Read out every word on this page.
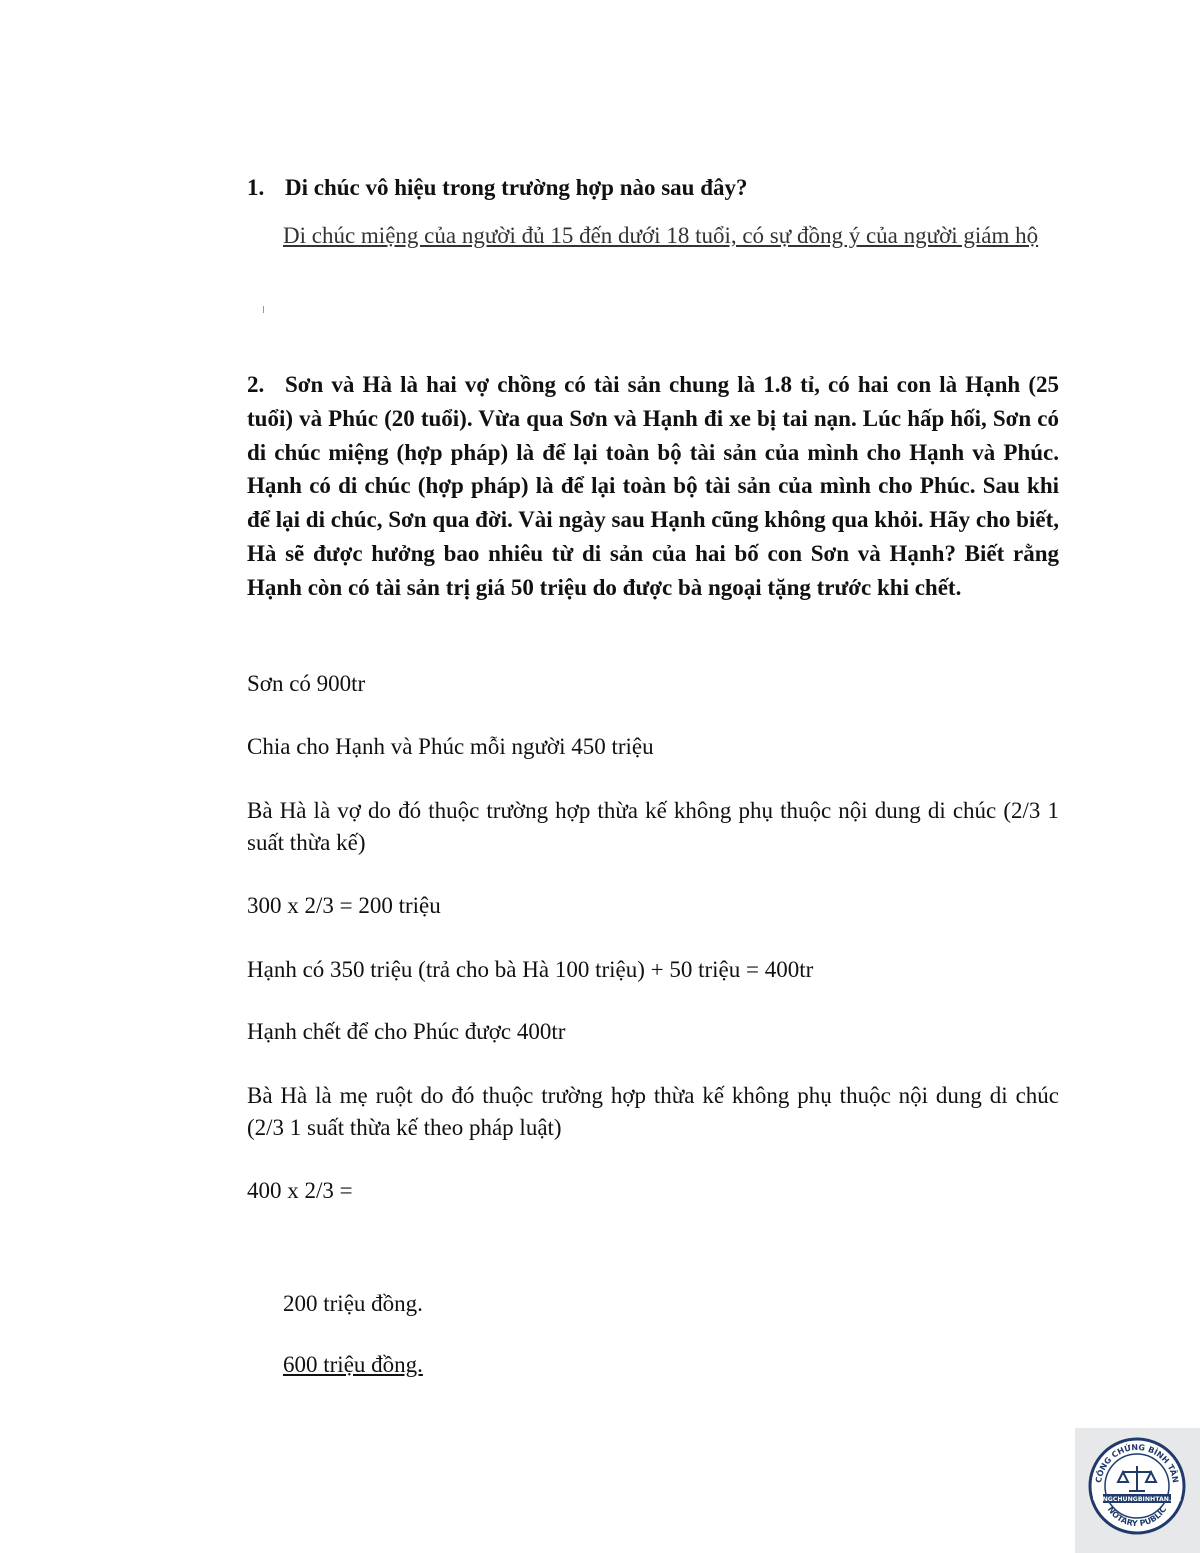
1. Di chúc vô hiệu trong trường hợp nào sau đây?
Di chúc miệng của người đủ 15 đến dưới 18 tuổi, có sự đồng ý của người giám hộ
2. Sơn và Hà là hai vợ chồng có tài sản chung là 1.8 tỉ, có hai con là Hạnh (25 tuổi) và Phúc (20 tuổi). Vừa qua Sơn và Hạnh đi xe bị tai nạn. Lúc hấp hối, Sơn có di chúc miệng (hợp pháp) là để lại toàn bộ tài sản của mình cho Hạnh và Phúc. Hạnh có di chúc (hợp pháp) là để lại toàn bộ tài sản của mình cho Phúc. Sau khi để lại di chúc, Sơn qua đời. Vài ngày sau Hạnh cũng không qua khỏi. Hãy cho biết, Hà sẽ được hưởng bao nhiêu từ di sản của hai bố con Sơn và Hạnh? Biết rằng Hạnh còn có tài sản trị giá 50 triệu do được bà ngoại tặng trước khi chết.
Sơn có 900tr
Chia cho Hạnh và Phúc mỗi người 450 triệu
Bà Hà là vợ do đó thuộc trường hợp thừa kế không phụ thuộc nội dung di chúc (2/3 1 suất thừa kế)
300 x 2/3 = 200 triệu
Hạnh có 350 triệu (trả cho bà Hà 100 triệu) + 50 triệu = 400tr
Hạnh chết để cho Phúc được 400tr
Bà Hà là mẹ ruột do đó thuộc trường hợp thừa kế không phụ thuộc nội dung di chúc (2/3 1 suất thừa kế theo pháp luật)
400 x 2/3 =
200 triệu đồng.
600 triệu đồng.
CÔNG CHỨNG BÌNH TÂN
NOTARY PUBLIC
CONGCHUNGBINHTAN.VN
